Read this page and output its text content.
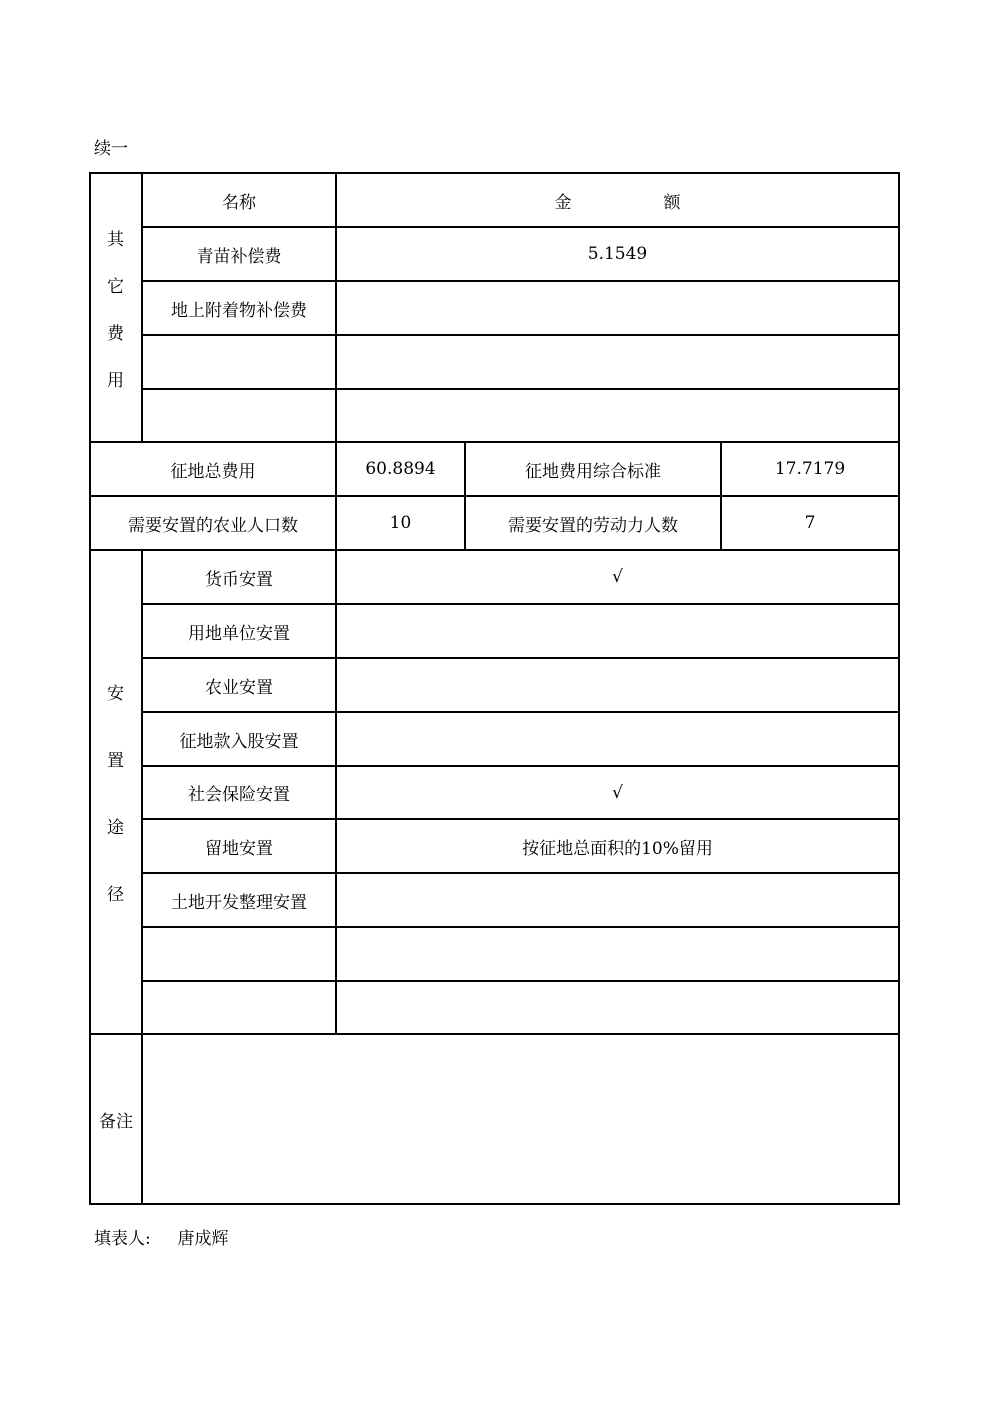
续一
其
它
费
用
名称	金	额
青苗补偿费	5.1549
地上附着物补偿费
征地总费用	60.8894	征地费用综合标准	17.7179
需要安置的农业人口数	10	需要安置的劳动力人数	7
安
置
途
径
货币安置	√
用地单位安置
农业安置
征地款入股安置
社会保险安置	√
留地安置	按征地总面积的10%留用
土地开发整理安置
备注
填表人: 唐成辉
